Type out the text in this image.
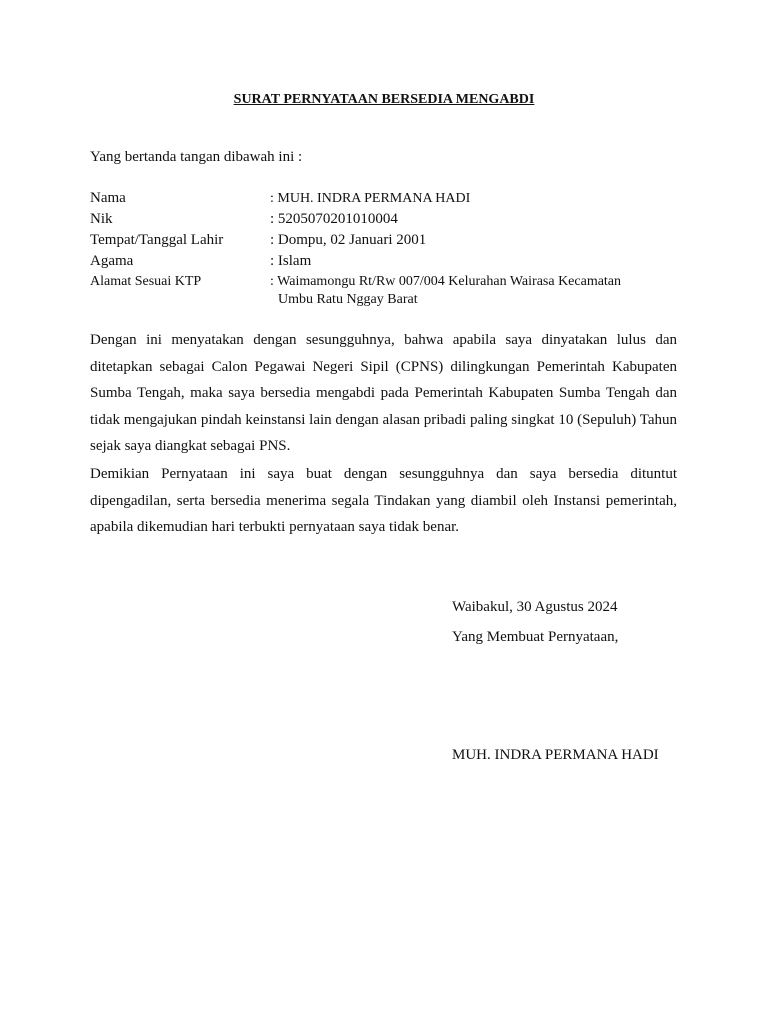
SURAT PERNYATAAN BERSEDIA MENGABDI
Yang bertanda tangan dibawah ini :
Nama	: MUH. INDRA PERMANA HADI
Nik	: 5205070201010004
Tempat/Tanggal Lahir	: Dompu, 02 Januari 2001
Agama	: Islam
Alamat Sesuai KTP	: Waimamongu Rt/Rw 007/004 Kelurahan Wairasa Kecamatan
Umbu Ratu Nggay Barat

Dengan ini menyatakan dengan sesungguhnya, bahwa apabila saya dinyatakan lulus dan ditetapkan sebagai Calon Pegawai Negeri Sipil (CPNS) dilingkungan Pemerintah Kabupaten Sumba Tengah, maka saya bersedia mengabdi pada Pemerintah Kabupaten Sumba Tengah dan tidak mengajukan pindah keinstansi lain dengan alasan pribadi paling singkat 10 (Sepuluh) Tahun sejak saya diangkat sebagai PNS.

Demikian Pernyataan ini saya buat dengan sesungguhnya dan saya bersedia dituntut dipengadilan, serta bersedia menerima segala Tindakan yang diambil oleh Instansi pemerintah, apabila dikemudian hari terbukti pernyataan saya tidak benar.

Waibakul, 30 Agustus 2024
Yang Membuat Pernyataan,
MUH. INDRA PERMANA HADI
